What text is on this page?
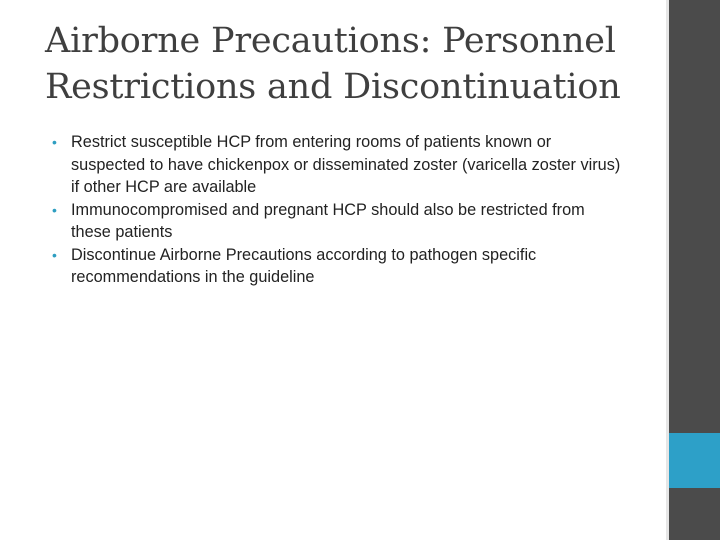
Airborne Precautions: Personnel Restrictions and Discontinuation
• Restrict susceptible HCP from entering rooms of patients known or suspected to have chickenpox or disseminated zoster (varicella zoster virus) if other HCP are available
• Immunocompromised and pregnant HCP should also be restricted from these patients
• Discontinue Airborne Precautions according to pathogen specific recommendations in the guideline
